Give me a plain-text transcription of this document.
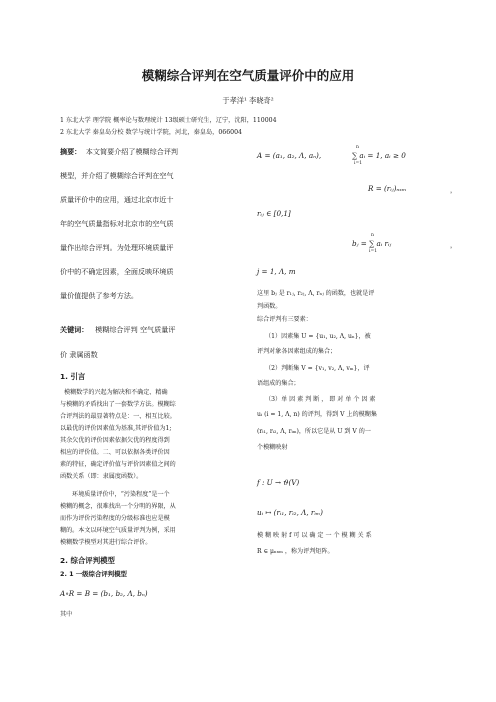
模糊综合评判在空气质量评价中的应用
于孝洋¹ 李晓奇²
1 东北大学 理学院 概率论与数理统计 13级硕士研究生，辽宁，沈阳，110004
2 东北大学 秦皇岛分校 数学与统计学院，河北，秦皇岛，066004
摘要： 本文简要介绍了模糊综合评判
模型，并介绍了模糊综合评判在空气
质量评价中的应用，通过北京市近十
年的空气质量指标对北京市的空气质
量作出综合评判。为处理环境质量评
价中的不确定因素，全面反映环境质
量价值提供了参考方法。
关键词： 模糊综合评判 空气质量评
价 隶属函数
1. 引言
模糊数学的兴起为解决和不确定、精确
与模糊的矛盾找出了一套数学方法。模糊综
合评判法的最显著特点是：一、相互比较。
以最优的评价因素值为基准,其评价值为1;
其余欠优的评价因素依据欠优的程度得到
相应的评价值。二、可以依据各类评价因
素的特征，确定评价值与评价因素值之间的
函数关系（即：隶属度函数）。
环境质量评价中，“污染程度”是一个
模糊的概念，很难找出一个分明的界限，从
而作为评价污染程度的分级标准也应是模
糊的。本文以环境空气质量评判为例，采用
模糊数学模型对其进行综合评价。
2. 综合评判模型
2. 1 一级综合评判模型
A∘R = B = (b₁, b₂, Λ, bₙ)
其中
A = (a₁, a₂, Λ, aₙ),
n
∑ aᵢ = 1, aᵢ ≥ 0
i=1
R = (rᵢⱼ)ₙₓₘ	，
rᵢⱼ ∈ [0,1]
n
bⱼ = ∑ aᵢ rᵢⱼ
i=1
，
j = 1, Λ, m
这里 bⱼ 是 r₁ⱼ, r₂ⱼ, Λ, rₙⱼ 的函数，也就是评
判函数。
综合评判有三要素：
（1）因素集 U = {u₁, u₂, Λ, uₙ}，被
评判对象各因素组成的集合；
（2）判断集 V = {v₁, v₂, Λ, vₘ}，评
语组成的集合；
（3）单 因 素 判 断 ， 即 对 单 个 因 素
uᵢ (i = 1, Λ, n) 的评判，得到 V 上的模糊集
(rᵢ₁, rᵢ₂, Λ, rᵢₘ)，所以它是从 U 到 V 的一
个模糊映射
f : U → ϑ(V)
uᵢ ↦ (rᵢ₁, rᵢ₂, Λ, rᵢₘ)
模 糊 映 射 f 可 以 确 定 一 个 模 糊 关 系
R ∈ μₙₓₘ ，称为评判矩阵。
